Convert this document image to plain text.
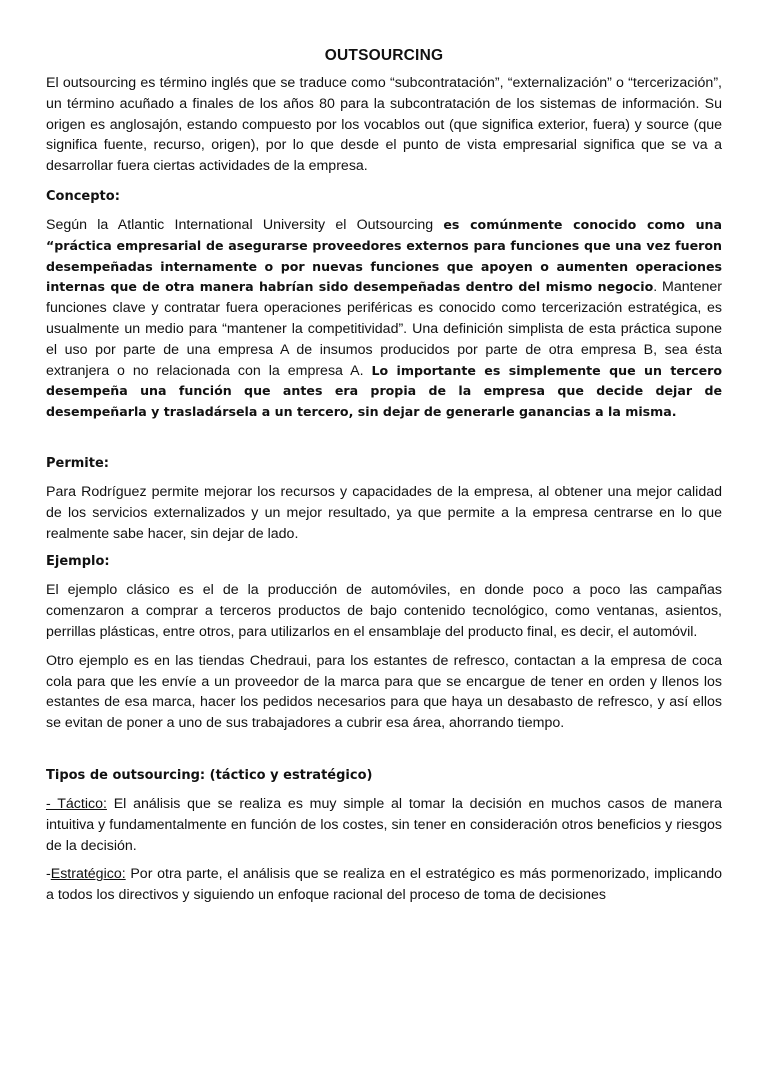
OUTSOURCING

El outsourcing es término inglés que se traduce como “subcontratación”, “externalización” o “tercerización”, un término acuñado a finales de los años 80 para la subcontratación de los sistemas de información. Su origen es anglosajón, estando compuesto por los vocablos out (que significa exterior, fuera) y source (que significa fuente, recurso, origen), por lo que desde el punto de vista empresarial significa que se va a desarrollar fuera ciertas actividades de la empresa.

Concepto:

Según la Atlantic International University el Outsourcing es comúnmente conocido como una “práctica empresarial de asegurarse proveedores externos para funciones que una vez fueron desempeñadas internamente o por nuevas funciones que apoyen o aumenten operaciones internas que de otra manera habrían sido desempeñadas dentro del mismo negocio. Mantener funciones clave y contratar fuera operaciones periféricas es conocido como tercerización estratégica, es usualmente un medio para “mantener la competitividad”. Una definición simplista de esta práctica supone el uso por parte de una empresa A de insumos producidos por parte de otra empresa B, sea ésta extranjera o no relacionada con la empresa A. Lo importante es simplemente que un tercero desempeña una función que antes era propia de la empresa que decide dejar de desempeñarla y trasladársela a un tercero, sin dejar de generarle ganancias a la misma.

Permite:

Para Rodríguez permite mejorar los recursos y capacidades de la empresa, al obtener una mejor calidad de los servicios externalizados y un mejor resultado, ya que permite a la empresa centrarse en lo que realmente sabe hacer, sin dejar de lado.

Ejemplo:

El ejemplo clásico es el de la producción de automóviles, en donde poco a poco las campañas comenzaron a comprar a terceros productos de bajo contenido tecnológico, como ventanas, asientos, perrillas plásticas, entre otros, para utilizarlos en el ensamblaje del producto final, es decir, el automóvil.

Otro ejemplo es en las tiendas Chedraui, para los estantes de refresco, contactan a la empresa de coca cola para que les envíe a un proveedor de la marca para que se encargue de tener en orden y llenos los estantes de esa marca, hacer los pedidos necesarios para que haya un desabasto de refresco, y así ellos se evitan de poner a uno de sus trabajadores a cubrir esa área, ahorrando tiempo.

Tipos de outsourcing: (táctico y estratégico)

- Táctico: El análisis que se realiza es muy simple al tomar la decisión en muchos casos de manera intuitiva y fundamentalmente en función de los costes, sin tener en consideración otros beneficios y riesgos de la decisión.

-Estratégico: Por otra parte, el análisis que se realiza en el estratégico es más pormenorizado, implicando a todos los directivos y siguiendo un enfoque racional del proceso de toma de decisiones
